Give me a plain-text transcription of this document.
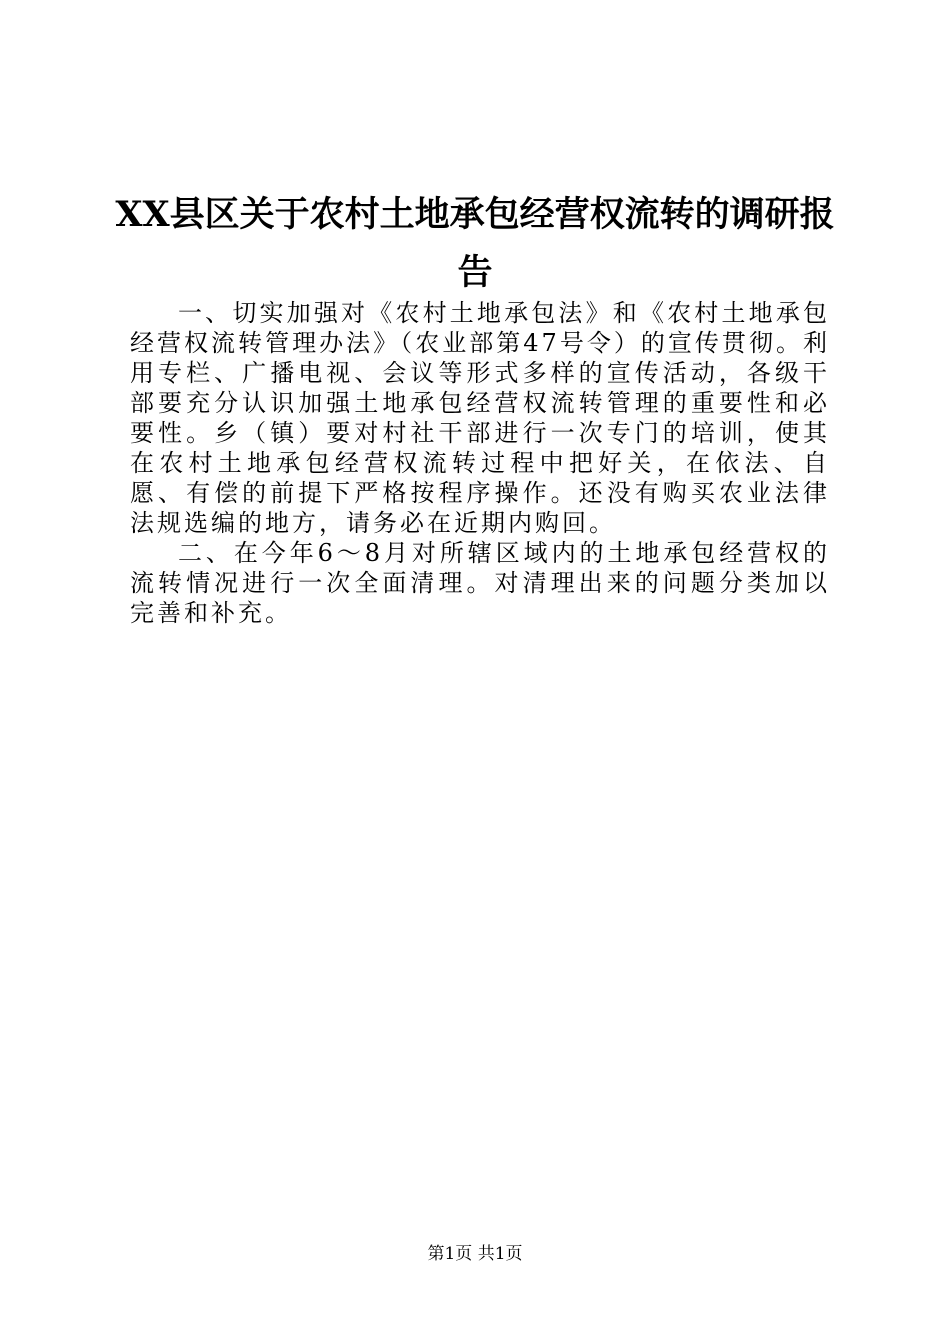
XX县区关于农村土地承包经营权流转的调研报告

一、切实加强对《农村土地承包法》和《农村土地承包经营权流转管理办法》（农业部第47号令）的宣传贯彻。利用专栏、广播电视、会议等形式多样的宣传活动，各级干部要充分认识加强土地承包经营权流转管理的重要性和必要性。乡（镇）要对村社干部进行一次专门的培训，使其在农村土地承包经营权流转过程中把好关，在依法、自愿、有偿的前提下严格按程序操作。还没有购买农业法律法规选编的地方，请务必在近期内购回。

二、在今年6～8月对所辖区域内的土地承包经营权的流转情况进行一次全面清理。对清理出来的问题分类加以完善和补充。

第1页 共1页
